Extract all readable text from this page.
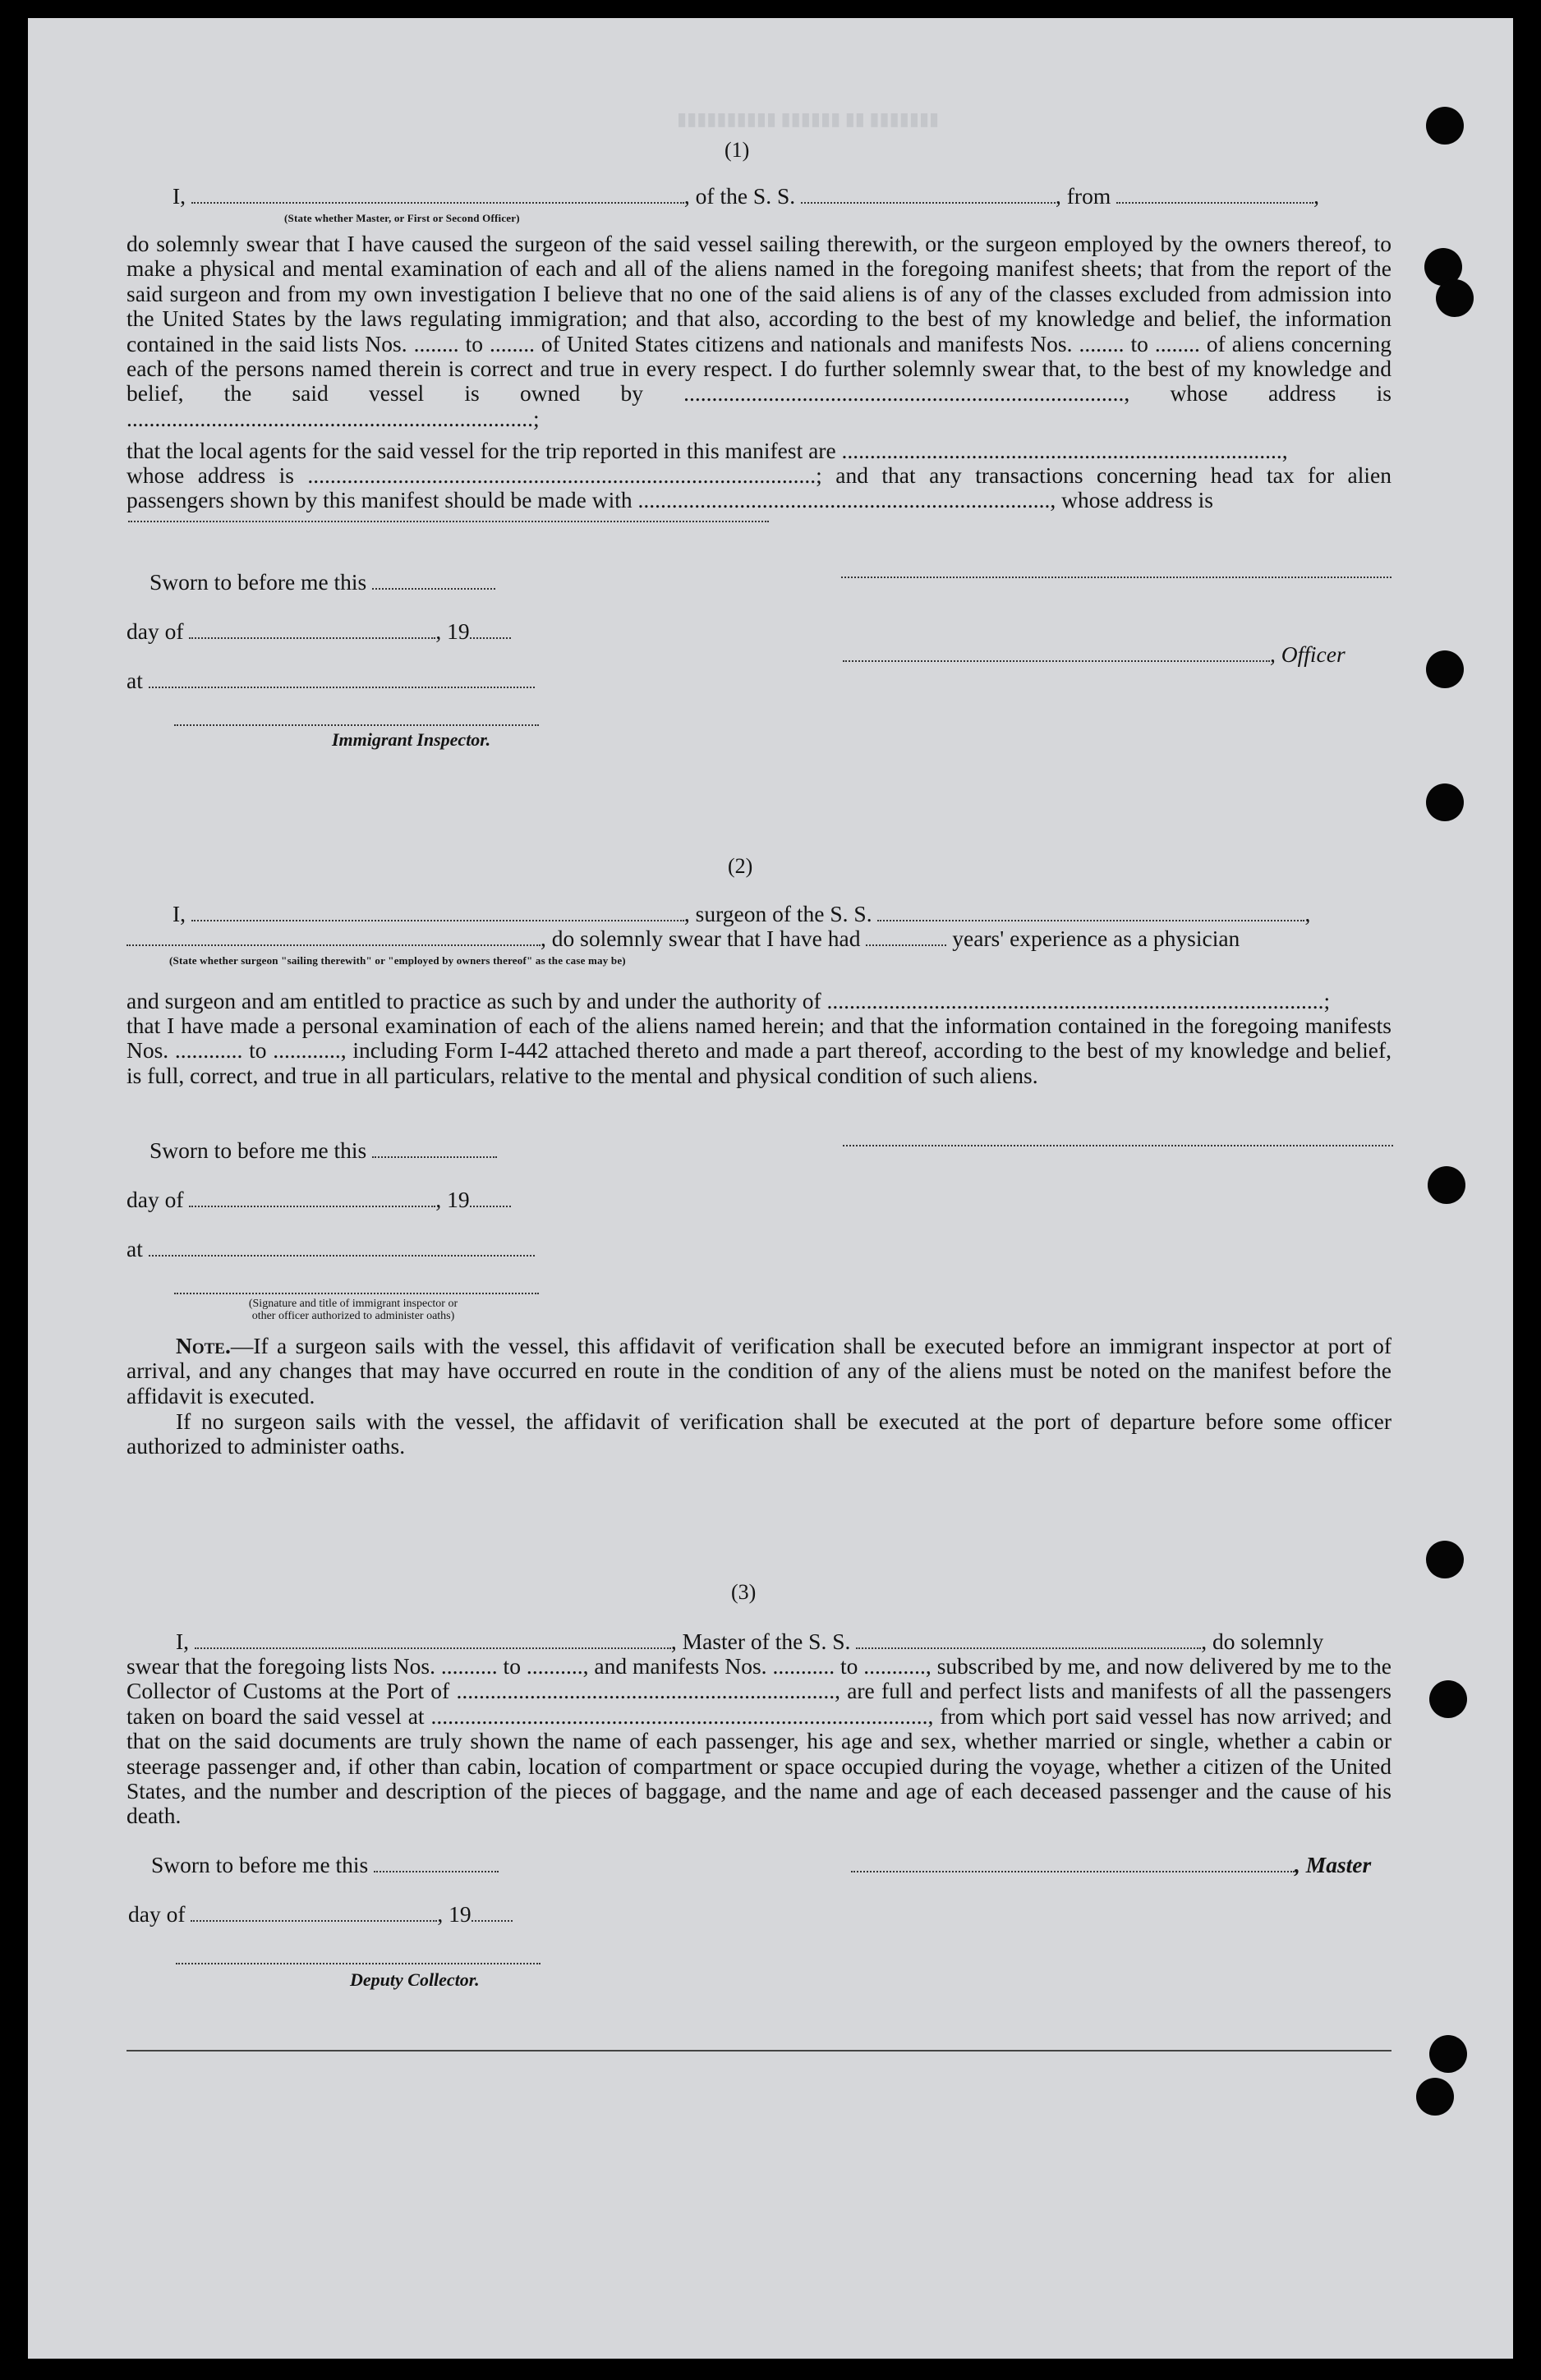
▮▮▮▮▮▮▮ ▮▮ ▮▮▮▮▮▮ ▮▮▮▮▮▮▮▮▮▮
(1)
I,	, of the S. S.	, from	,
(State whether Master, or First or Second Officer)

do solemnly swear that I have caused the surgeon of the said vessel sailing therewith, or the surgeon employed by the owners thereof, to make a physical and mental examination of each and all of the aliens named in the foregoing manifest sheets; that from the report of the said surgeon and from my own investigation I believe that no one of the said aliens is of any of the classes excluded from admission into the United States by the laws regulating immigration; and that also, according to the best of my knowledge and belief, the information contained in the said lists Nos. ........ to ........ of United States citizens and nationals and manifests Nos. ........ to ........ of aliens concerning each of the persons named therein is correct and true in every respect. I do further solemnly swear that, to the best of my knowledge and belief, the said vessel is owned by .............................................................................., whose address is ........................................................................;

that the local agents for the said vessel for the trip reported in this manifest are ..............................................................................,

whose address is ..........................................................................................; and that any transactions concerning head tax for alien passengers shown by this manifest should be made with ........................................................................., whose address is

Sworn to before me this
day of	, 19
, Officer
at
Immigrant Inspector.
(2)
I,	, surgeon of the S. S.	,
, do solemnly swear that I have had	years' experience as a physician
(State whether surgeon "sailing therewith" or "employed by owners thereof" as the case may be)

and surgeon and am entitled to practice as such by and under the authority of ........................................................................................;

that I have made a personal examination of each of the aliens named herein; and that the information contained in the foregoing manifests Nos. ............ to ............, including Form I-442 attached thereto and made a part thereof, according to the best of my knowledge and belief, is full, correct, and true in all particulars, relative to the mental and physical condition of such aliens.

Sworn to before me this
day of	, 19
at
(Signature and title of immigrant inspector or
other officer authorized to administer oaths)

Note.—If a surgeon sails with the vessel, this affidavit of verification shall be executed before an immigrant inspector at port of arrival, and any changes that may have occurred en route in the condition of any of the aliens must be noted on the manifest before the affidavit is executed.

If no surgeon sails with the vessel, the affidavit of verification shall be executed at the port of departure before some officer authorized to administer oaths.

(3)
I,	, Master of the S. S.	, do solemnly

swear that the foregoing lists Nos. .......... to .........., and manifests Nos. ........... to ..........., subscribed by me, and now delivered by me to the Collector of Customs at the Port of ..................................................................., are full and perfect lists and manifests of all the passengers taken on board the said vessel at ........................................................................................, from which port said vessel has now arrived; and that on the said documents are truly shown the name of each passenger, his age and sex, whether married or single, whether a cabin or steerage passenger and, if other than cabin, location of compartment or space occupied during the voyage, whether a citizen of the United States, and the number and description of the pieces of baggage, and the name and age of each deceased passenger and the cause of his death.

Sworn to before me this	, Master
day of	, 19
Deputy Collector.
